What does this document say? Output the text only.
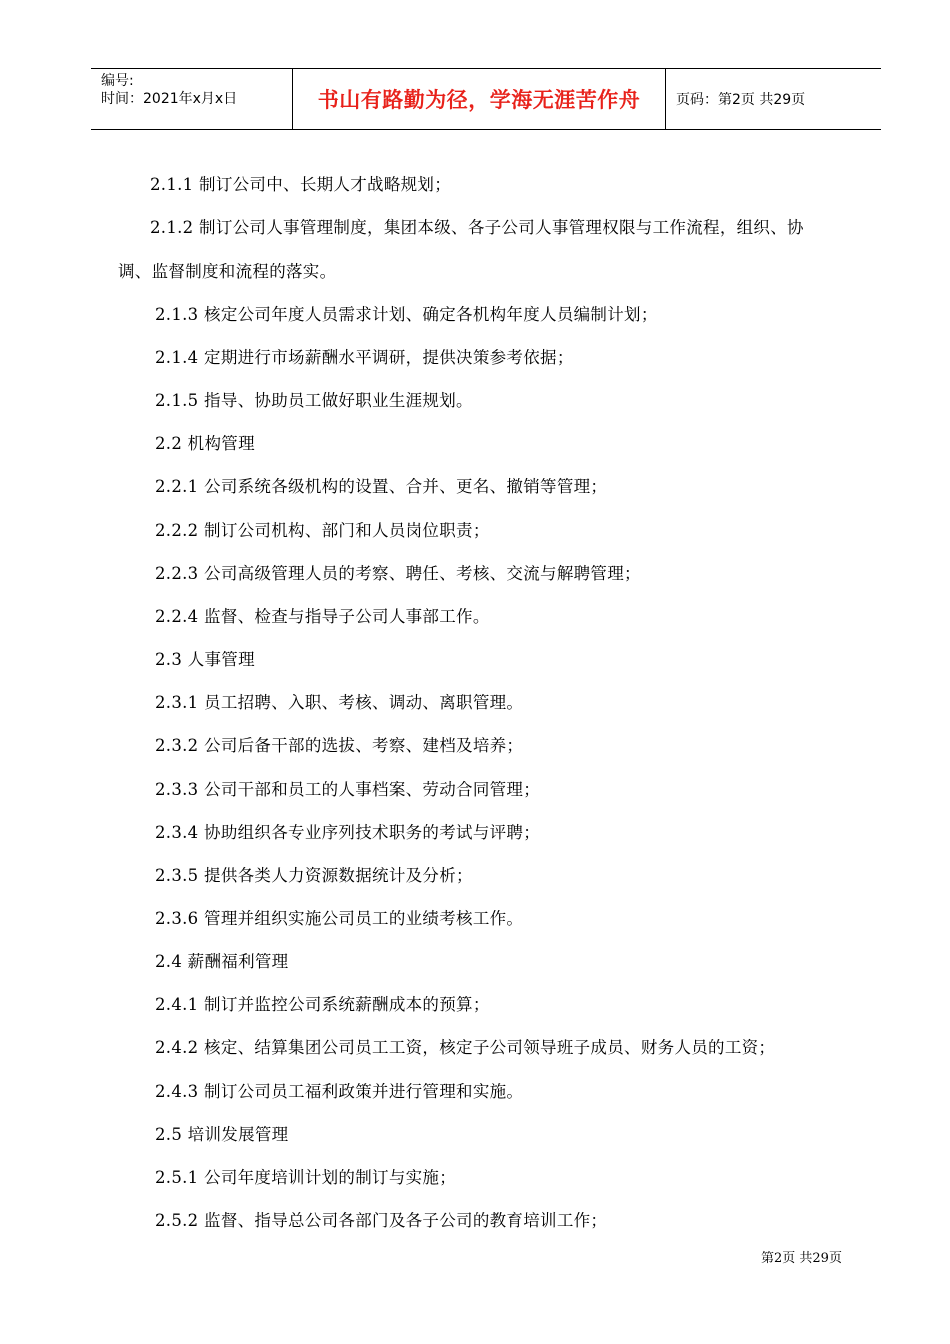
编号:
时间：2021年x月x日	书山有路勤为径，学海无涯苦作舟	页码：第2页 共29页
2.1.1 制订公司中、长期人才战略规划；
2.1.2 制订公司人事管理制度，集团本级、各子公司人事管理权限与工作流程，组织、协
调、监督制度和流程的落实。
2.1.3 核定公司年度人员需求计划、确定各机构年度人员编制计划；
2.1.4 定期进行市场薪酬水平调研，提供决策参考依据；
2.1.5 指导、协助员工做好职业生涯规划。
2.2 机构管理
2.2.1 公司系统各级机构的设置、合并、更名、撤销等管理；
2.2.2 制订公司机构、部门和人员岗位职责；
2.2.3 公司高级管理人员的考察、聘任、考核、交流与解聘管理；
2.2.4 监督、检查与指导子公司人事部工作。
2.3 人事管理
2.3.1 员工招聘、入职、考核、调动、离职管理。
2.3.2 公司后备干部的选拔、考察、建档及培养；
2.3.3 公司干部和员工的人事档案、劳动合同管理；
2.3.4 协助组织各专业序列技术职务的考试与评聘；
2.3.5 提供各类人力资源数据统计及分析；
2.3.6 管理并组织实施公司员工的业绩考核工作。
2.4 薪酬福利管理
2.4.1 制订并监控公司系统薪酬成本的预算；
2.4.2 核定、结算集团公司员工工资，核定子公司领导班子成员、财务人员的工资；
2.4.3 制订公司员工福利政策并进行管理和实施。
2.5 培训发展管理
2.5.1 公司年度培训计划的制订与实施；
2.5.2 监督、指导总公司各部门及各子公司的教育培训工作；
第2页 共29页
